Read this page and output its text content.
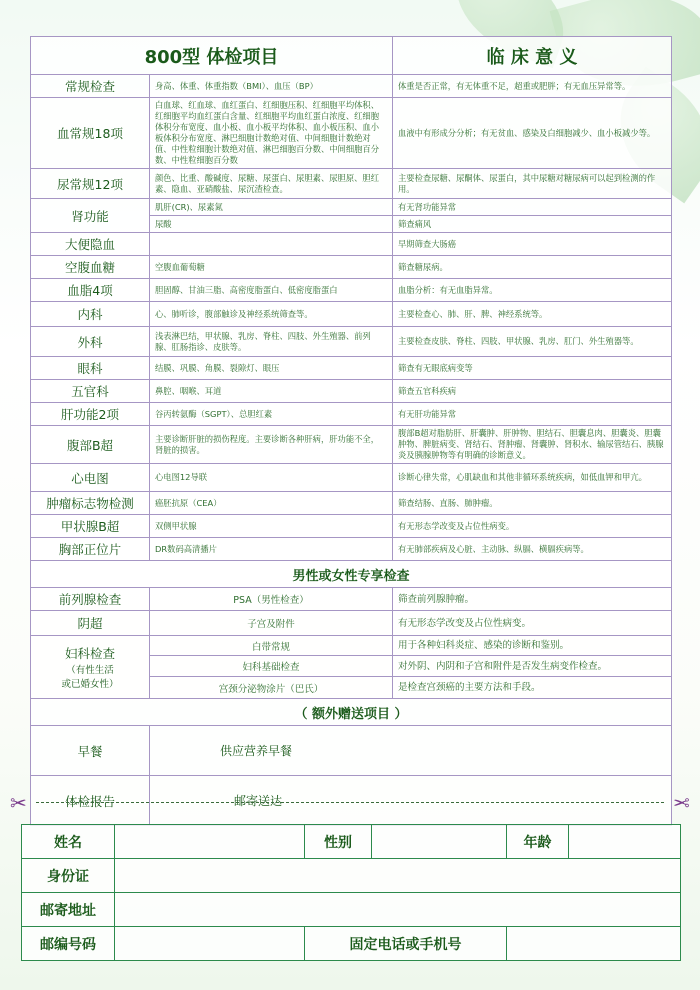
800型 体检项目		临 床 意 义
常规检查	身高、体重、体重指数（BMI）、血压（BP）	体重是否正常，有无体重不足，超重或肥胖；有无血压异常等。
血常规18项	白血球、红血球、血红蛋白、红细胞压积、红细胞平均体积、红细胞平均血红蛋白含量、红细胞平均血红蛋白浓度、红细胞体积分布宽度、血小板、血小板平均体积、血小板压积、血小板体积分布宽度、淋巴细胞计数绝对值、中间细胞计数绝对值、中性粒细胞计数绝对值、淋巴细胞百分数、中间细胞百分数、中性粒细胞百分数	血液中有形成分分析；有无贫血、感染及白细胞减少、血小板减少等。
尿常规12项	颜色、比重、酸碱度、尿糖、尿蛋白、尿胆素、尿胆原、胆红素、隐血、亚硝酸盐、尿沉渣检查。	主要检查尿糖、尿酮体、尿蛋白，其中尿糖对糖尿病可以起到检测的作用。
肾功能	肌肝(CR)、尿素氮	有无肾功能异常
	尿酸	筛查痛风
大便隐血		早期筛查大肠癌
空腹血糖	空腹血葡萄糖	筛查糖尿病。
血脂4项	胆固醇、甘油三脂、高密度脂蛋白、低密度脂蛋白	血脂分析：有无血脂异常。
内科	心、肺听诊，腹部触诊及神经系统筛查等。	主要检查心、肺、肝、脾、神经系统等。
外科	浅表淋巴结，甲状腺、乳房、脊柱、四肢、外生殖器、前列腺、肛肠指诊、皮肤等。	主要检查皮肤、脊柱、四肢、甲状腺、乳房、肛门、外生殖器等。
眼科	结膜、巩膜、角膜、裂隙灯、眼压	筛查有无眼底病变等
五官科	鼻腔、咽喉、耳道	筛查五官科疾病
肝功能2项	谷丙转氨酶（SGPT）、总胆红素	有无肝功能异常
腹部B超	主要诊断肝脏的损伤程度。主要诊断各种肝病，肝功能不全，肾脏的损害。	腹部B超对脂肪肝、肝囊肿、肝肿物、胆结石、胆囊息肉、胆囊炎、胆囊肿物、脾脏病变、肾结石、肾肿瘤、肾囊肿、肾积水、输尿管结石、胰腺炎及胰腺肿物等有明确的诊断意义。
心电图	心电图12导联	诊断心律失常，心肌缺血和其他非循环系统疾病，如低血钾和甲亢。
肿瘤标志物检测	癌胚抗原（CEA）	筛查结肠、直肠、肺肿瘤。
甲状腺B超	双侧甲状腺	有无形态学改变及占位性病变。
胸部正位片	DR数码高清播片	有无肺部疾病及心脏、主动脉、纵膈、横膈疾病等。
男性或女性专享检查		
前列腺检查	PSA（男性检查）	筛查前列腺肿瘤。
阴超	子宫及附件	有无形态学改变及占位性病变。

妇科检查
（有性生活
或已婚女性）	白带常规	用于各种妇科炎症、感染的诊断和鉴别。
	妇科基础检查	对外阴、内阴和子宫和附件是否发生病变作检查。
	宫颈分泌物涂片（巴氏）	是检查宫颈癌的主要方法和手段。
（ 额外赠送项目 ）		
早餐	供应营养早餐	
体检报告	邮寄送达	
✂	✂
姓名		性别		年龄	
身份证					
邮寄地址					
邮编号码		固定电话或手机号			
